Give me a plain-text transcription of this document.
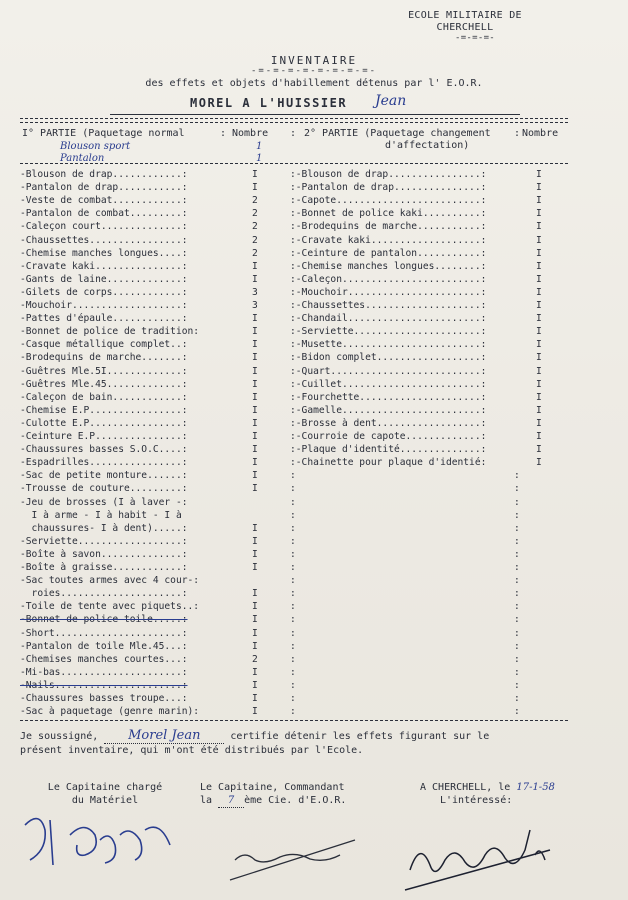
ECOLE MILITAIRE DE
CHERCHELL
-=-=-=-
INVENTAIRE
-=-=-=-=-=-=-=-=-
des effets et objets d'habillement détenus par l' E.O.R.
MOREL A L'HUISSIER Jean
I° PARTIE (Paquetage normal	: Nombre : 2° PARTIE (Paquetage changement
d'affectation)
: Nombre
Blouson sport	1
Pantalon	1
-Blouson de drap............:	I	:-Blouson de drap................:	I
-Pantalon de drap...........:	I	:-Pantalon de drap...............:	I
-Veste de combat............:	2	:-Capote.........................:	I
-Pantalon de combat.........:	2	:-Bonnet de police kaki..........:	I
-Caleçon court..............:	2	:-Brodequins de marche...........:	I
-Chaussettes................:	2	:-Cravate kaki...................:	I
-Chemise manches longues....:	2	:-Ceinture de pantalon...........:	I
-Cravate kaki...............:	I	:-Chemise manches longues........:	I
-Gants de laine.............:	I	:-Caleçon........................:	I
-Gilets de corps............:	3	:-Mouchoir.......................:	I
-Mouchoir...................:	3	:-Chaussettes....................:	I
-Pattes d'épaule............:	I	:-Chandail.......................:	I
-Bonnet de police de tradition:	I	:-Serviette......................:	I
-Casque métallique complet..:	I	:-Musette........................:	I
-Brodequins de marche.......:	I	:-Bidon complet..................:	I
-Guêtres Mle.5I.............:	I	:-Quart..........................:	I
-Guêtres Mle.45.............:	I	:-Cuillet........................:	I
-Caleçon de bain............:	I	:-Fourchette.....................:	I
-Chemise E.P................:	I	:-Gamelle........................:	I
-Culotte E.P................:	I	:-Brosse à dent..................:	I
-Ceinture E.P...............:	I	:-Courroie de capote.............:	I
-Chaussures basses S.O.C....:	I	:-Plaque d'identité..............:	I
-Espadrilles................:	I	:-Chainette pour plaque d'identié:	I
-Sac de petite monture......:	I	:	:
-Trousse de couture.........:	I	:	:
-Jeu de brosses (I à laver -:	:	:
I à arme - I à habit - I à	:	:
chaussures- I à dent).....:	I	:	:
-Serviette..................:	I	:	:
-Boîte à savon..............:	I	:	:
-Boîte à graisse............:	I	:	:
-Sac toutes armes avec 4 cour-:	:	:
roies.....................:	I	:	:
-Toile de tente avec piquets..:	I	:	:
-Bonnet de police toile.....:	I	:	:
-Short......................:	I	:	:
-Pantalon de toile Mle.45...:	I	:	:
-Chemises manches courtes...:	2	:	:
-Mi-bas.....................:	I	:	:
-Nails......................:	I	:	:
-Chaussures basses troupe...:	I	:	:
-Sac à paquetage (genre marin):	I	:	:
Je soussigné, Morel Jean	certifie détenir les effets figurant sur le
présent inventaire, qui m'ont été distribués par l'Ecole.
Le Capitaine chargé
du Matériel
Le Capitaine, Commandant
la 7 ème Cie. d'E.O.R.
A CHERCHELL, le 17-1-58
L'intéressé:
